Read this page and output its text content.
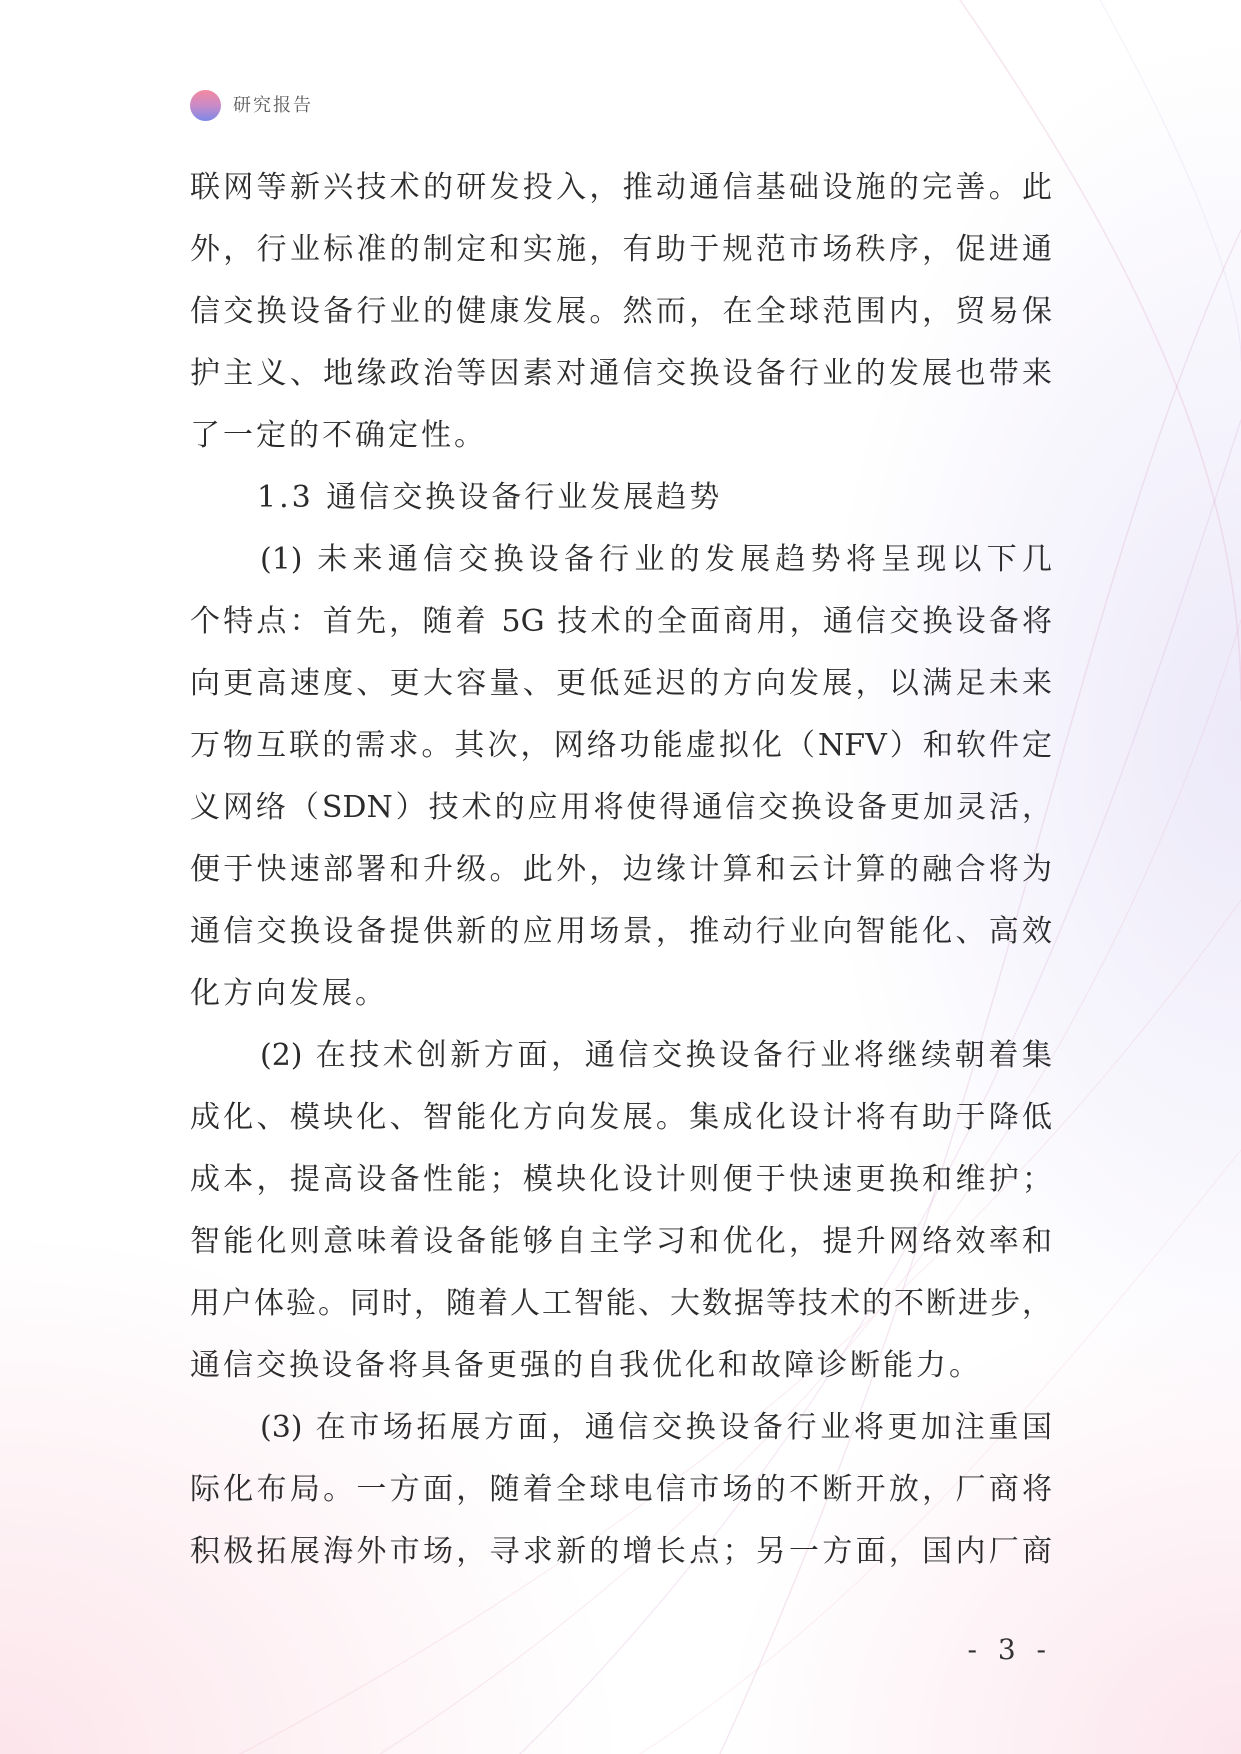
研究报告
联网等新兴技术的研发投入，推动通信基础设施的完善。此
外，行业标准的制定和实施，有助于规范市场秩序，促进通
信交换设备行业的健康发展。然而，在全球范围内，贸易保
护主义、地缘政治等因素对通信交换设备行业的发展也带来
了一定的不确定性。
1.3 通信交换设备行业发展趋势
(1) 未来通信交换设备行业的发展趋势将呈现以下几
个特点：首先，随着 5G 技术的全面商用，通信交换设备将
向更高速度、更大容量、更低延迟的方向发展，以满足未来
万物互联的需求。其次，网络功能虚拟化（NFV）和软件定
义网络（SDN）技术的应用将使得通信交换设备更加灵活，
便于快速部署和升级。此外，边缘计算和云计算的融合将为
通信交换设备提供新的应用场景，推动行业向智能化、高效
化方向发展。
(2) 在技术创新方面，通信交换设备行业将继续朝着集
成化、模块化、智能化方向发展。集成化设计将有助于降低
成本，提高设备性能；模块化设计则便于快速更换和维护；
智能化则意味着设备能够自主学习和优化，提升网络效率和
用户体验。同时，随着人工智能、大数据等技术的不断进步，
通信交换设备将具备更强的自我优化和故障诊断能力。
(3) 在市场拓展方面，通信交换设备行业将更加注重国
际化布局。一方面，随着全球电信市场的不断开放，厂商将
积极拓展海外市场，寻求新的增长点；另一方面，国内厂商
- 3 -
